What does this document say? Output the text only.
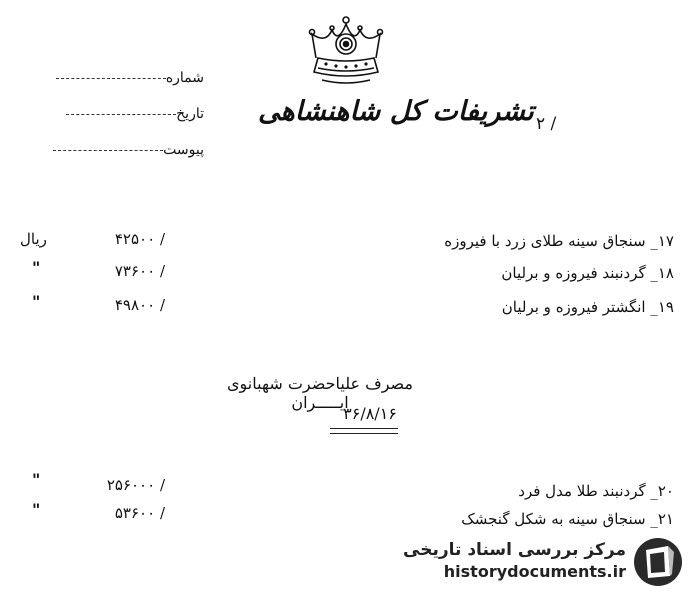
شماره
تاریخ
پیوست
تشریفات کل شاهنشاهی / ۲
۱۷_ سنجاق سینه طلای زرد با فیروزه
/ ۴۲۵۰۰
ریال
۱۸_ گردنبند فیروزه و برلیان
/ ۷۳۶۰۰
"
۱۹_ انگشتر فیروزه و برلیان
/ ۴۹۸۰۰
"
مصرف علیاحضرت شهبانوی ایـــــران
۳۶/۸/۱۶
۲۰_ گردنبند طلا مدل فرد
/ ۲۵۶۰۰۰
"
۲۱_ سنجاق سینه به شکل گنجشک
/ ۵۳۶۰۰
"
مرکز بررسی اسناد تاریخی
historydocuments.ir
